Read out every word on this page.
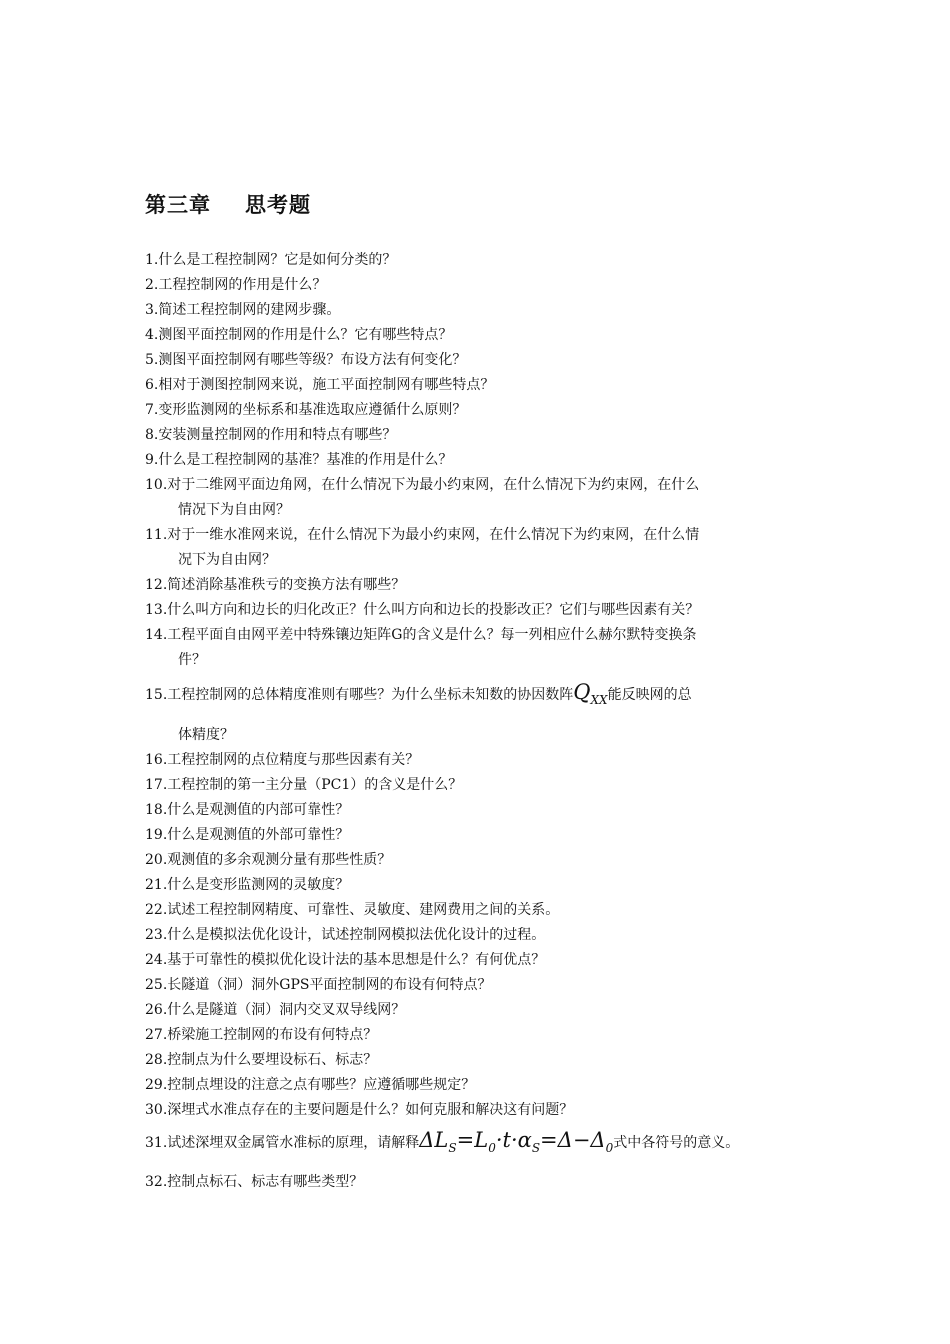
第三章 思考题
1.什么是工程控制网？它是如何分类的？
2.工程控制网的作用是什么？
3.简述工程控制网的建网步骤。
4.测图平面控制网的作用是什么？它有哪些特点？
5.测图平面控制网有哪些等级？布设方法有何变化？
6.相对于测图控制网来说，施工平面控制网有哪些特点？
7.变形监测网的坐标系和基准选取应遵循什么原则？
8.安装测量控制网的作用和特点有哪些？
9.什么是工程控制网的基准？基准的作用是什么？
10.对于二维网平面边角网，在什么情况下为最小约束网，在什么情况下为约束网，在什么
情况下为自由网？
11.对于一维水准网来说，在什么情况下为最小约束网，在什么情况下为约束网，在什么情
况下为自由网？
12.简述消除基准秩亏的变换方法有哪些？
13.什么叫方向和边长的归化改正？什么叫方向和边长的投影改正？它们与哪些因素有关？
14.工程平面自由网平差中特殊镶边矩阵G的含义是什么？每一列相应什么赫尔默特变换条
件？
15.工程控制网的总体精度准则有哪些？为什么坐标未知数的协因数阵$Q_{XX}$能反映网的总
体精度？
16.工程控制网的点位精度与那些因素有关？
17.工程控制的第一主分量（PC1）的含义是什么？
18.什么是观测值的内部可靠性？
19.什么是观测值的外部可靠性？
20.观测值的多余观测分量有那些性质？
21.什么是变形监测网的灵敏度？
22.试述工程控制网精度、可靠性、灵敏度、建网费用之间的关系。
23.什么是模拟法优化设计，试述控制网模拟法优化设计的过程。
24.基于可靠性的模拟优化设计法的基本思想是什么？有何优点？
25.长隧道（洞）洞外GPS平面控制网的布设有何特点？
26.什么是隧道（洞）洞内交叉双导线网？
27.桥梁施工控制网的布设有何特点？
28.控制点为什么要埋设标石、标志？
29.控制点埋设的注意之点有哪些？应遵循哪些规定？
30.深埋式水准点存在的主要问题是什么？如何克服和解决这有问题？
31.试述深埋双金属管水准标的原理，请解释$\Delta L_S=L_0\cdot t\cdot\alpha_S=\Delta-\Delta_0$式中各符号的意义。
32.控制点标石、标志有哪些类型？
